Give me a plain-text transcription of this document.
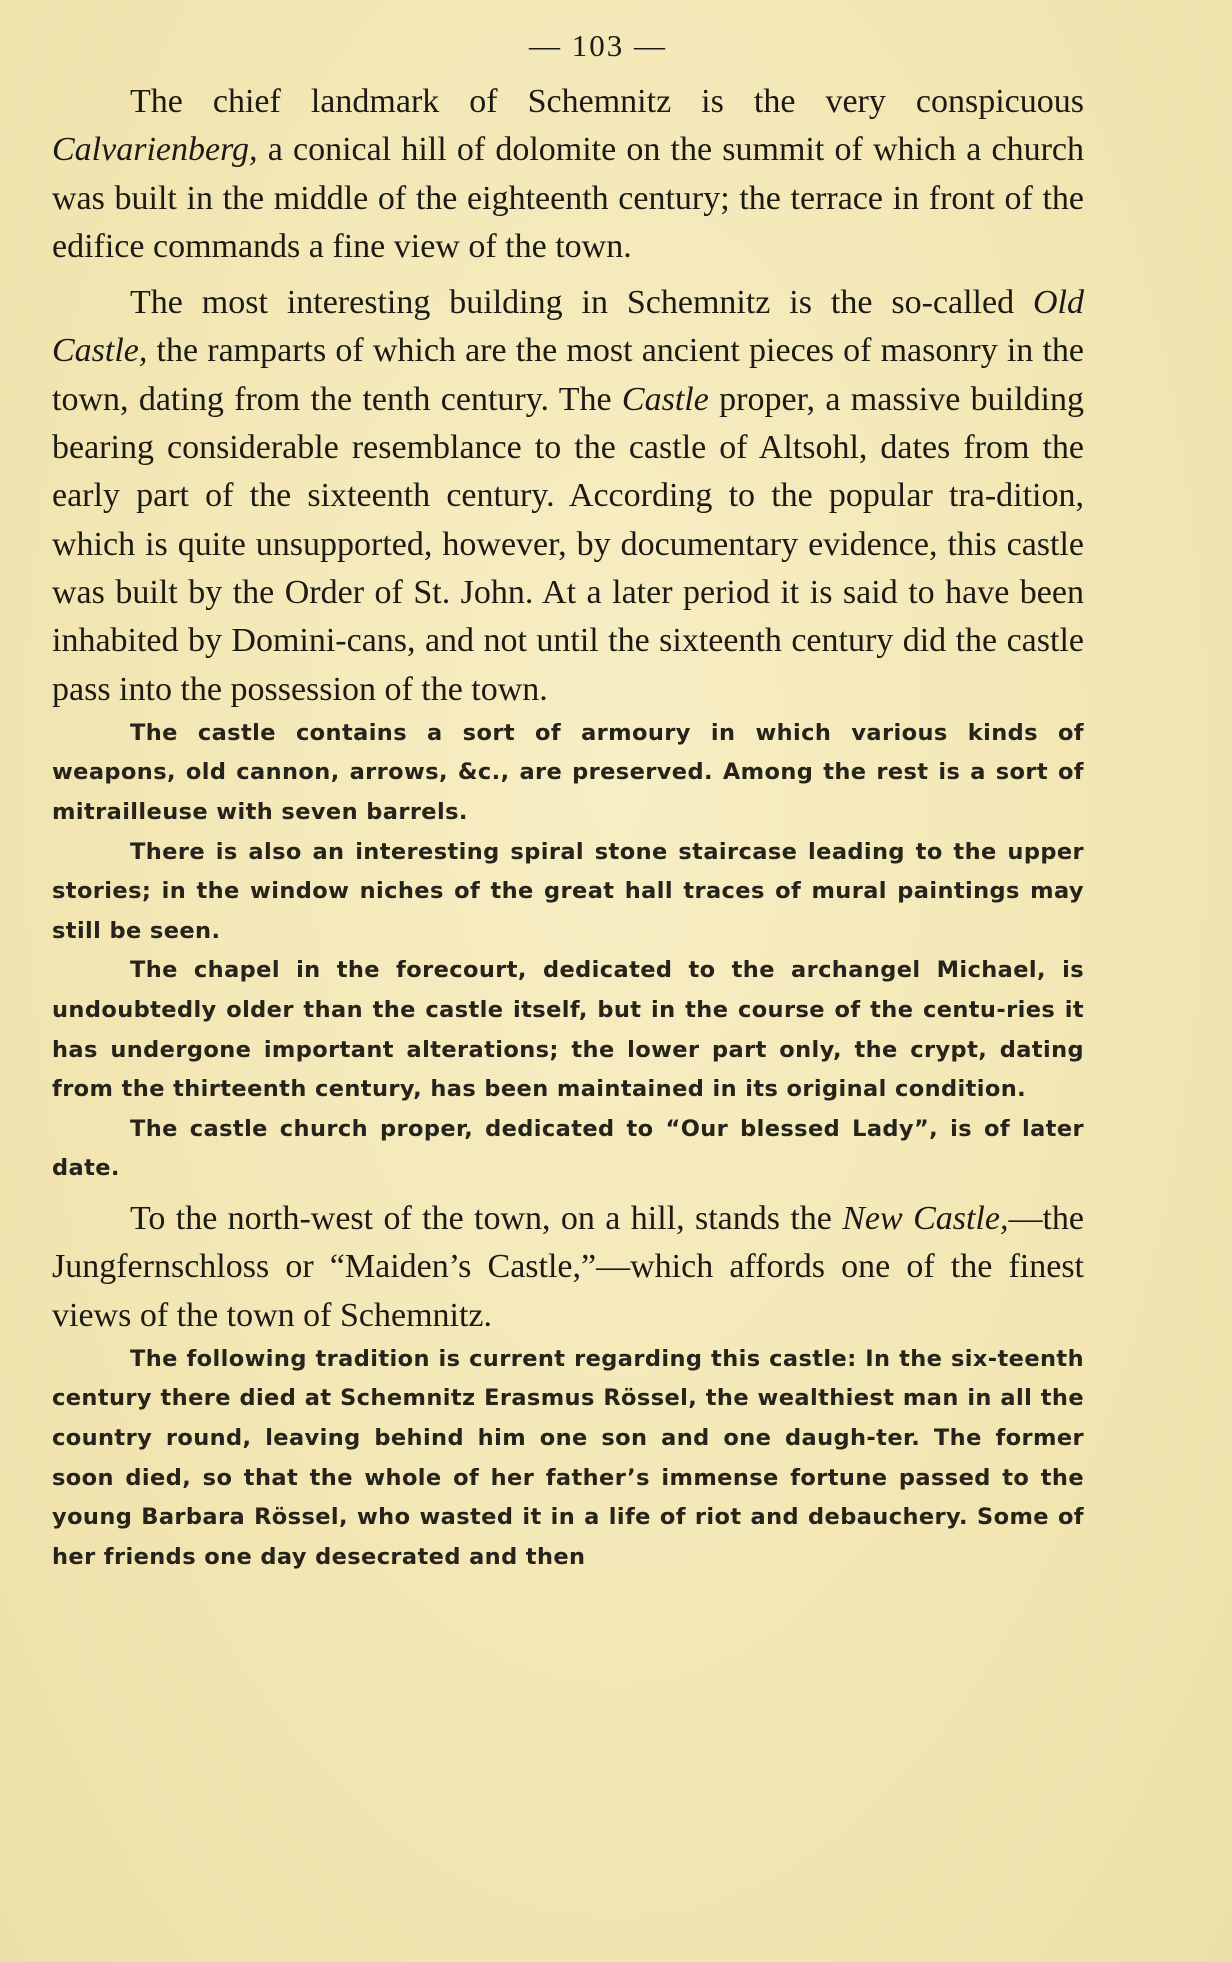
— 103 —

The chief landmark of Schemnitz is the very conspicuous Calvarienberg, a conical hill of dolomite on the summit of which a church was built in the middle of the eighteenth century; the terrace in front of the edifice commands a fine view of the town.

The most interesting building in Schemnitz is the so-called Old Castle, the ramparts of which are the most ancient pieces of masonry in the town, dating from the tenth century. The Castle proper, a massive building bearing considerable resemblance to the castle of Altsohl, dates from the early part of the sixteenth century. According to the popular tra-dition, which is quite unsupported, however, by documentary evidence, this castle was built by the Order of St. John. At a later period it is said to have been inhabited by Domini-cans, and not until the sixteenth century did the castle pass into the possession of the town.

The castle contains a sort of armoury in which various kinds of weapons, old cannon, arrows, &c., are preserved. Among the rest is a sort of mitrailleuse with seven barrels.

There is also an interesting spiral stone staircase leading to the upper stories; in the window niches of the great hall traces of mural paintings may still be seen.

The chapel in the forecourt, dedicated to the archangel Michael, is undoubtedly older than the castle itself, but in the course of the centu-ries it has undergone important alterations; the lower part only, the crypt, dating from the thirteenth century, has been maintained in its original condition.

The castle church proper, dedicated to “Our blessed Lady”, is of later date.

To the north-west of the town, on a hill, stands the New Castle,—the Jungfernschloss or “Maiden’s Castle,”—which affords one of the finest views of the town of Schemnitz.

The following tradition is current regarding this castle: In the six-teenth century there died at Schemnitz Erasmus Rössel, the wealthiest man in all the country round, leaving behind him one son and one daugh-ter. The former soon died, so that the whole of her father’s immense fortune passed to the young Barbara Rössel, who wasted it in a life of riot and debauchery. Some of her friends one day desecrated and then
